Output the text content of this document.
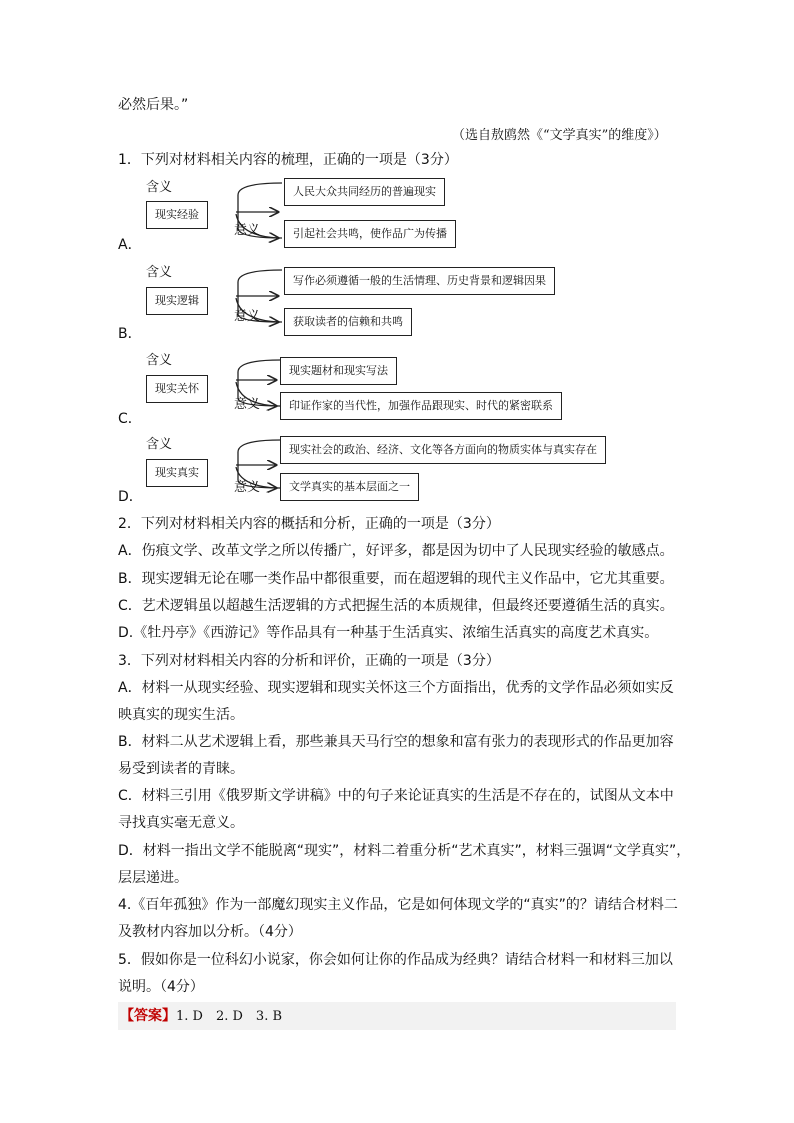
必然后果。”
（选自敖鸥然《“文学真实”的维度》）
1．下列对材料相关内容的梳理，正确的一项是（3分）
含义
现实经验
人民大众共同经历的普遍现实
意义	引起社会共鸣，使作品广为传播
A．
含义
现实逻辑
写作必须遵循一般的生活情理、历史背景和逻辑因果
意义	获取读者的信赖和共鸣
B．
含义
现实关怀
现实题材和现实写法
意义	印证作家的当代性，加强作品跟现实、时代的紧密联系
C．
含义
现实真实
现实社会的政治、经济、文化等各方面向的物质实体与真实存在
意义	文学真实的基本层面之一
D．
2．下列对材料相关内容的概括和分析，正确的一项是（3分）
A．伤痕文学、改革文学之所以传播广，好评多，都是因为切中了人民现实经验的敏感点。
B．现实逻辑无论在哪一类作品中都很重要，而在超逻辑的现代主义作品中，它尤其重要。
C．艺术逻辑虽以超越生活逻辑的方式把握生活的本质规律，但最终还要遵循生活的真实。
D.《牡丹亭》《西游记》等作品具有一种基于生活真实、浓缩生活真实的高度艺术真实。
3．下列对材料相关内容的分析和评价，正确的一项是（3分）
A．材料一从现实经验、现实逻辑和现实关怀这三个方面指出，优秀的文学作品必须如实反
映真实的现实生活。
B．材料二从艺术逻辑上看，那些兼具天马行空的想象和富有张力的表现形式的作品更加容
易受到读者的青睐。
C．材料三引用《俄罗斯文学讲稿》中的句子来论证真实的生活是不存在的，试图从文本中
寻找真实毫无意义。
D．材料一指出文学不能脱离“现实”，材料二着重分析“艺术真实”，材料三强调“文学真实”，
层层递进。
4.《百年孤独》作为一部魔幻现实主义作品，它是如何体现文学的“真实”的？请结合材料二
及教材内容加以分析。（4分）
5．假如你是一位科幻小说家，你会如何让你的作品成为经典？请结合材料一和材料三加以
说明。（4分）
【答案】1. D　2. D　3. B
